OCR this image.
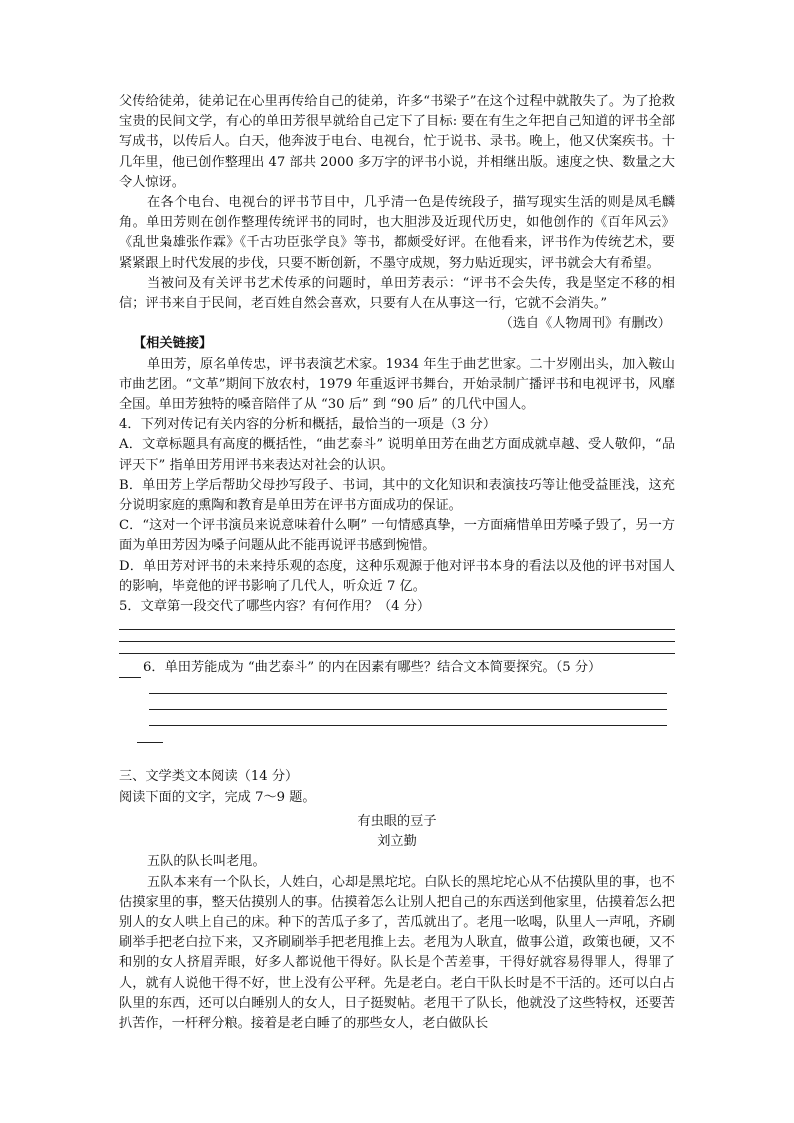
父传给徒弟，徒弟记在心里再传给自己的徒弟，许多“书梁子”在这个过程中就散失了。为了抢救宝贵的民间文学，有心的单田芳很早就给自己定下了目标: 要在有生之年把自己知道的评书全部写成书，以传后人。白天，他奔波于电台、电视台，忙于说书、录书。晚上，他又伏案疾书。十几年里，他已创作整理出 47 部共 2000 多万字的评书小说，并相继出版。速度之快、数量之大令人惊讶。

在各个电台、电视台的评书节目中，几乎清一色是传统段子，描写现实生活的则是凤毛麟角。单田芳则在创作整理传统评书的同时，也大胆涉及近现代历史，如他创作的《百年风云》《乱世枭雄张作霖》《千古功臣张学良》等书，都颇受好评。在他看来，评书作为传统艺术，要紧紧跟上时代发展的步伐，只要不断创新，不墨守成规，努力贴近现实，评书就会大有希望。

当被问及有关评书艺术传承的问题时，单田芳表示：“评书不会失传，我是坚定不移的相信；评书来自于民间，老百姓自然会喜欢，只要有人在从事这一行，它就不会消失。”

（选自《人物周刊》有删改）

【相关链接】

单田芳，原名单传忠，评书表演艺术家。1934 年生于曲艺世家。二十岁刚出头，加入鞍山市曲艺团。“文革”期间下放农村，1979 年重返评书舞台，开始录制广播评书和电视评书，风靡全国。单田芳独特的嗓音陪伴了从 “30 后” 到 “90 后” 的几代中国人。

4．下列对传记有关内容的分析和概括，最恰当的一项是（3 分）

A．文章标题具有高度的概括性，“曲艺泰斗” 说明单田芳在曲艺方面成就卓越、受人敬仰，“品评天下” 指单田芳用评书来表达对社会的认识。

B．单田芳上学后帮助父母抄写段子、书词，其中的文化知识和表演技巧等让他受益匪浅，这充分说明家庭的熏陶和教育是单田芳在评书方面成功的保证。

C．“这对一个评书演员来说意味着什么啊” 一句情感真挚，一方面痛惜单田芳嗓子毁了，另一方面为单田芳因为嗓子问题从此不能再说评书感到惋惜。

D．单田芳对评书的未来持乐观的态度，这种乐观源于他对评书本身的看法以及他的评书对国人的影响，毕竟他的评书影响了几代人，听众近 7 亿。

5．文章第一段交代了哪些内容？有何作用？（4 分）

6．单田芳能成为 “曲艺泰斗” 的内在因素有哪些？结合文本简要探究。（5 分）

三、文学类文本阅读（14 分）

阅读下面的文字，完成 7～9 题。

有虫眼的豆子

刘立勤

五队的队长叫老甩。

五队本来有一个队长，人姓白，心却是黑坨坨。白队长的黑坨坨心从不估摸队里的事，也不估摸家里的事，整天估摸别人的事。估摸着怎么让别人把自己的东西送到他家里，估摸着怎么把别人的女人哄上自己的床。种下的苦瓜子多了，苦瓜就出了。老甩一吆喝，队里人一声吼，齐刷刷举手把老白拉下来，又齐刷刷举手把老甩推上去。老甩为人耿直，做事公道，政策也硬，又不和别的女人挤眉弄眼，好多人都说他干得好。队长是个苦差事，干得好就容易得罪人，得罪了人，就有人说他干得不好，世上没有公平秤。先是老白。老白干队长时是不干活的。还可以白占队里的东西，还可以白睡别人的女人，日子挺熨帖。老甩干了队长，他就没了这些特权，还要苦扒苦作，一杆秤分粮。接着是老白睡了的那些女人，老白做队长
